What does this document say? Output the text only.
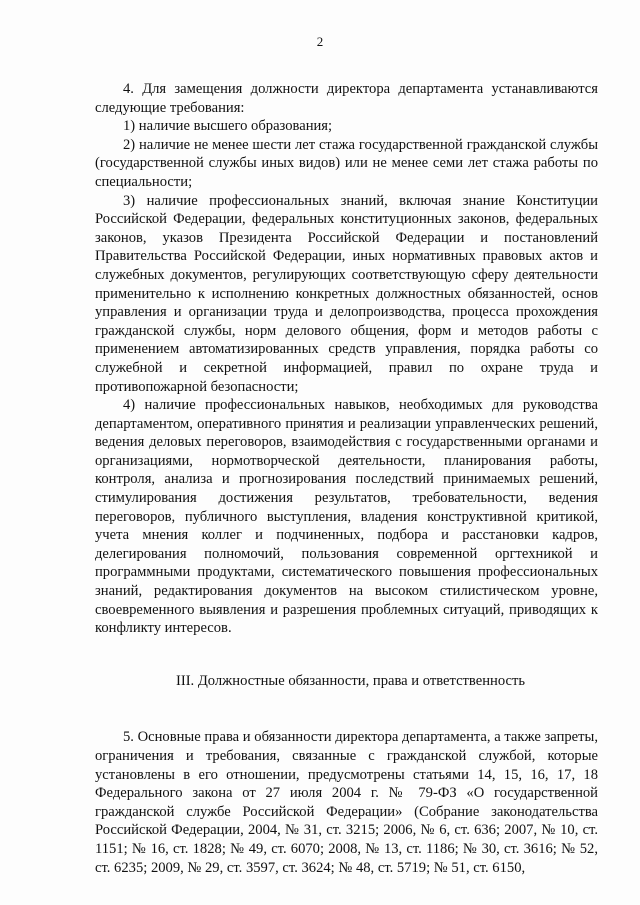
2

4. Для замещения должности директора департамента устанавливаются следующие требования:

1) наличие высшего образования;

2) наличие не менее шести лет стажа государственной гражданской службы (государственной службы иных видов) или не менее семи лет стажа работы по специальности;

3) наличие профессиональных знаний, включая знание Конституции Российской Федерации, федеральных конституционных законов, федеральных законов, указов Президента Российской Федерации и постановлений Правительства Российской Федерации, иных нормативных правовых актов и служебных документов, регулирующих соответствующую сферу деятельности применительно к исполнению конкретных должностных обязанностей, основ управления и организации труда и делопроизводства, процесса прохождения гражданской службы, норм делового общения, форм и методов работы с применением автоматизированных средств управления, порядка работы со служебной и секретной информацией, правил по охране труда и противопожарной безопасности;

4) наличие профессиональных навыков, необходимых для руководства департаментом, оперативного принятия и реализации управленческих решений, ведения деловых переговоров, взаимодействия с государственными органами и организациями, нормотворческой деятельности, планирования работы, контроля, анализа и прогнозирования последствий принимаемых решений, стимулирования достижения результатов, требовательности, ведения переговоров, публичного выступления, владения конструктивной критикой, учета мнения коллег и подчиненных, подбора и расстановки кадров, делегирования полномочий, пользования современной оргтехникой и программными продуктами, систематического повышения профессиональных знаний, редактирования документов на высоком стилистическом уровне, своевременного выявления и разрешения проблемных ситуаций, приводящих к конфликту интересов.

III. Должностные обязанности, права и ответственность

5. Основные права и обязанности директора департамента, а также запреты, ограничения и требования, связанные с гражданской службой, которые установлены в его отношении, предусмотрены статьями 14, 15, 16, 17, 18 Федерального закона от 27 июля 2004 г. № 79-ФЗ «О государственной гражданской службе Российской Федерации» (Собрание законодательства Российской Федерации, 2004, № 31, ст. 3215; 2006, № 6, ст. 636; 2007, № 10, ст. 1151; № 16, ст. 1828; № 49, ст. 6070; 2008, № 13, ст. 1186; № 30, ст. 3616; № 52, ст. 6235; 2009, № 29, ст. 3597, ст. 3624; № 48, ст. 5719; № 51, ст. 6150,
